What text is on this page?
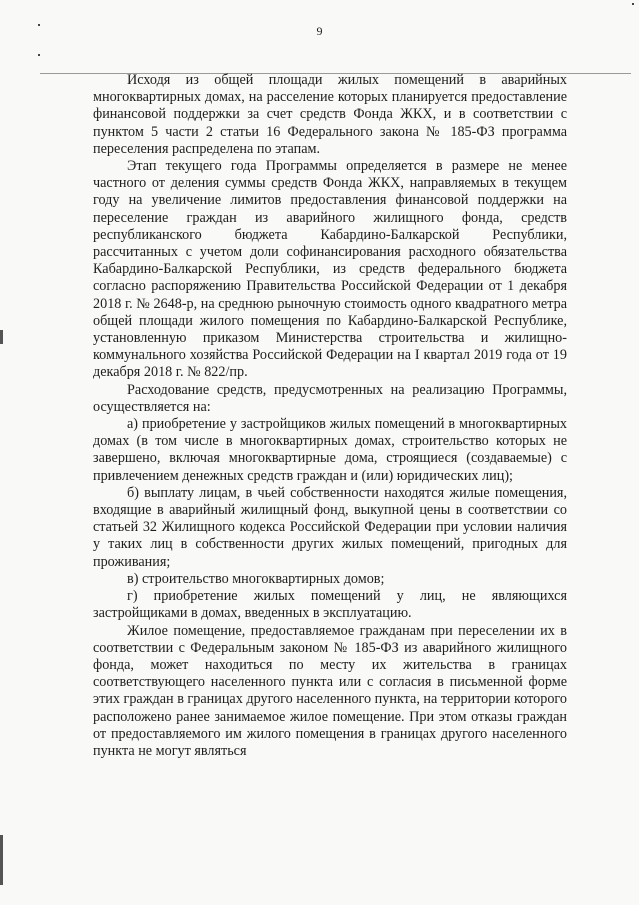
9

Исходя из общей площади жилых помещений в аварийных многоквартирных домах, на расселение которых планируется предоставление финансовой поддержки за счет средств Фонда ЖКХ, и в соответствии с пунктом 5 части 2 статьи 16 Федерального закона № 185-ФЗ программа переселения распределена по этапам.

Этап текущего года Программы определяется в размере не менее частного от деления суммы средств Фонда ЖКХ, направляемых в текущем году на увеличение лимитов предоставления финансовой поддержки на переселение граждан из аварийного жилищного фонда, средств республиканского бюджета Кабардино-Балкарской Республики, рассчитанных с учетом доли софинансирования расходного обязательства Кабардино-Балкарской Республики, из средств федерального бюджета согласно распоряжению Правительства Российской Федерации от 1 декабря 2018 г. № 2648-р, на среднюю рыночную стоимость одного квадратного метра общей площади жилого помещения по Кабардино-Балкарской Республике, установленную приказом Министерства строительства и жилищно-коммунального хозяйства Российской Федерации на I квартал 2019 года от 19 декабря 2018 г. № 822/пр.

Расходование средств, предусмотренных на реализацию Программы, осуществляется на:

а) приобретение у застройщиков жилых помещений в многоквартирных домах (в том числе в многоквартирных домах, строительство которых не завершено, включая многоквартирные дома, строящиеся (создаваемые) с привлечением денежных средств граждан и (или) юридических лиц);

б) выплату лицам, в чьей собственности находятся жилые помещения, входящие в аварийный жилищный фонд, выкупной цены в соответствии со статьей 32 Жилищного кодекса Российской Федерации при условии наличия у таких лиц в собственности других жилых помещений, пригодных для проживания;

в) строительство многоквартирных домов;

г) приобретение жилых помещений у лиц, не являющихся застройщиками в домах, введенных в эксплуатацию.

Жилое помещение, предоставляемое гражданам при переселении их в соответствии с Федеральным законом № 185-ФЗ из аварийного жилищного фонда, может находиться по месту их жительства в границах соответствующего населенного пункта или с согласия в письменной форме этих граждан в границах другого населенного пункта, на территории которого расположено ранее занимаемое жилое помещение. При этом отказы граждан от предоставляемого им жилого помещения в границах другого населенного пункта не могут являться
